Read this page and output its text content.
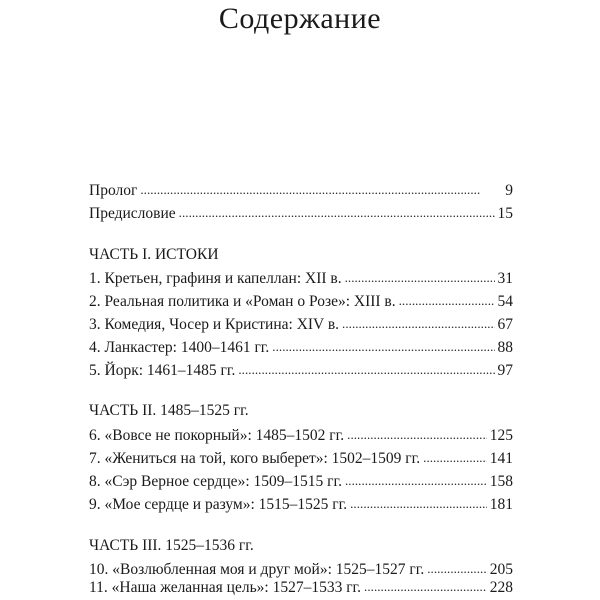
Содержание
Пролог . . .	9
Предисловие . . .	15
ЧАСТЬ I. ИСТОКИ
1. Кретьен, графиня и капеллан: XII в. . . .	31
2. Реальная политика и «Роман о Розе»: XIII в. . . .	54
3. Комедия, Чосер и Кристина: XIV в. . . .	67
4. Ланкастер: 1400–1461 гг. . . .	88
5. Йорк: 1461–1485 гг. . . .	97
ЧАСТЬ II. 1485–1525 гг.
6. «Вовсе не покорный»: 1485–1502 гг. . . .	125
7. «Жениться на той, кого выберет»: 1502–1509 гг. . . .	141
8. «Сэр Верное сердце»: 1509–1515 гг. . . .	158
9. «Мое сердце и разум»: 1515–1525 гг. . . .	181
ЧАСТЬ III. 1525–1536 гг.
10. «Возлюбленная моя и друг мой»: 1525–1527 гг. . . .	205
11. «Наша желанная цель»: 1527–1533 гг. . . .	228
